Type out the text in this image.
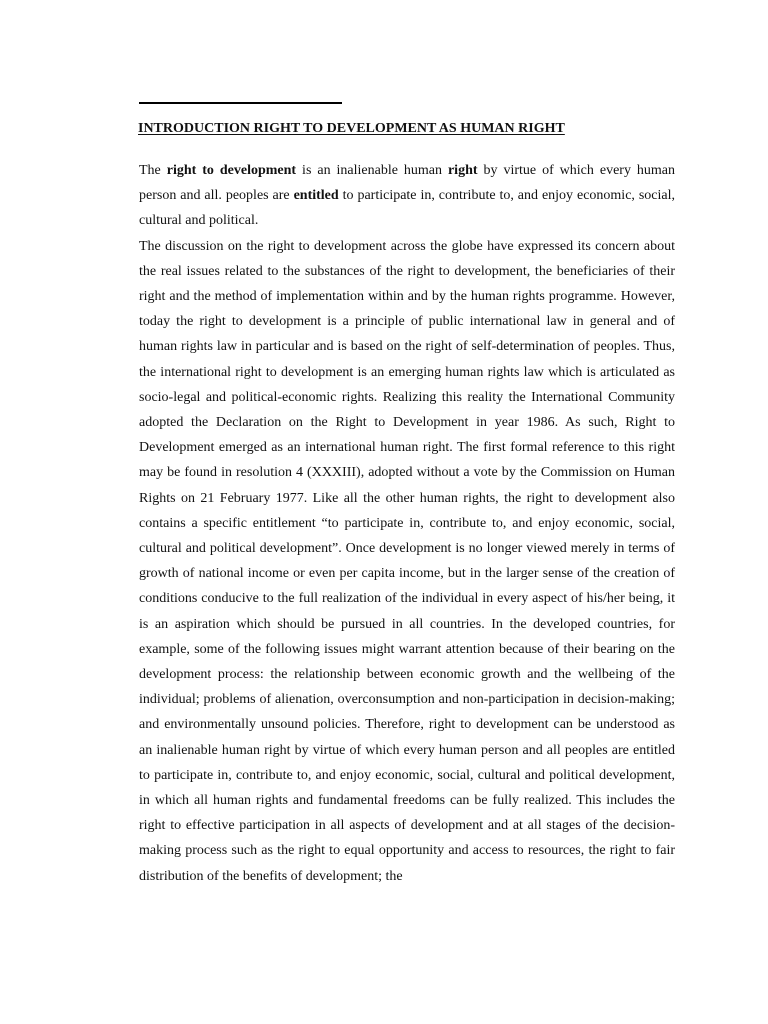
INTRODUCTION RIGHT TO DEVELOPMENT AS HUMAN RIGHT

The right to development is an inalienable human right by virtue of which every human person and all. peoples are entitled to participate in, contribute to, and enjoy economic, social, cultural and political.

The discussion on the right to development across the globe have expressed its concern about the real issues related to the substances of the right to development, the beneficiaries of their right and the method of implementation within and by the human rights programme. However, today the right to development is a principle of public international law in general and of human rights law in particular and is based on the right of self-determination of peoples. Thus, the international right to development is an emerging human rights law which is articulated as socio-legal and political-economic rights. Realizing this reality the International Community adopted the Declaration on the Right to Development in year 1986. As such, Right to Development emerged as an international human right. The first formal reference to this right may be found in resolution 4 (XXXIII), adopted without a vote by the Commission on Human Rights on 21 February 1977. Like all the other human rights, the right to development also contains a specific entitlement “to participate in, contribute to, and enjoy economic, social, cultural and political development”. Once development is no longer viewed merely in terms of growth of national income or even per capita income, but in the larger sense of the creation of conditions conducive to the full realization of the individual in every aspect of his/her being, it is an aspiration which should be pursued in all countries. In the developed countries, for example, some of the following issues might warrant attention because of their bearing on the development process: the relationship between economic growth and the wellbeing of the individual; problems of alienation, overconsumption and non-participation in decision-making; and environmentally unsound policies. Therefore, right to development can be understood as an inalienable human right by virtue of which every human person and all peoples are entitled to participate in, contribute to, and enjoy economic, social, cultural and political development, in which all human rights and fundamental freedoms can be fully realized. This includes the right to effective participation in all aspects of development and at all stages of the decision-making process such as the right to equal opportunity and access to resources, the right to fair distribution of the benefits of development; the
